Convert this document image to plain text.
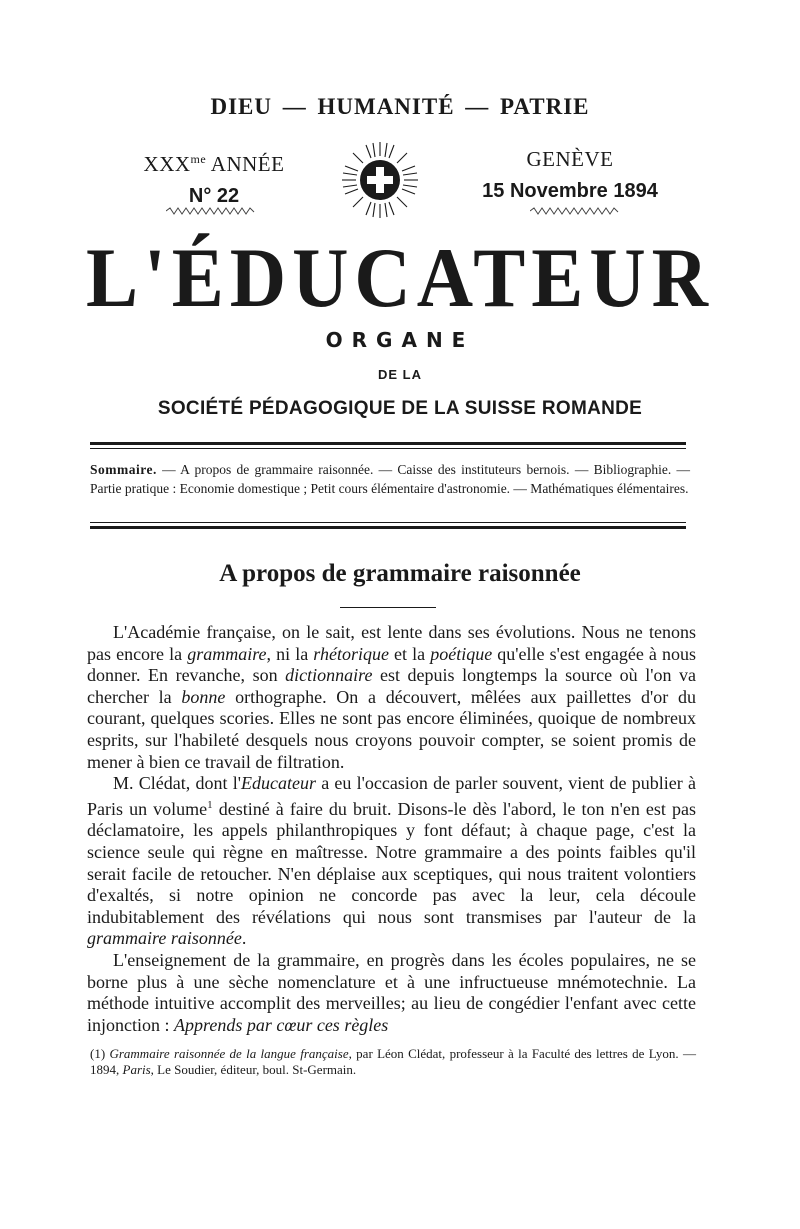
DIEU — HUMANITÉ — PATRIE
$XXX^{me}$ ANNÉE
N° 22
GENÈVE
15 Novembre 1894
L'ÉDUCATEUR
ORGANE
DE LA
SOCIÉTÉ PÉDAGOGIQUE DE LA SUISSE ROMANDE
Sommaire. — A propos de grammaire raisonnée. — Caisse des instituteurs bernois. — Bibliographie. — Partie pratique : Economie domestique ; Petit cours élémentaire d'astronomie. — Mathématiques élémentaires.
A propos de grammaire raisonnée

L'Académie française, on le sait, est lente dans ses évolutions. Nous ne tenons pas encore la grammaire, ni la rhétorique et la poétique qu'elle s'est engagée à nous donner. En revanche, son dictionnaire est depuis longtemps la source où l'on va chercher la bonne orthographe. On a découvert, mêlées aux paillettes d'or du courant, quelques scories. Elles ne sont pas encore éliminées, quoique de nombreux esprits, sur l'habileté desquels nous croyons pouvoir compter, se soient promis de mener à bien ce travail de filtration.

M. Clédat, dont l'Educateur a eu l'occasion de parler souvent, vient de publier à Paris un volume$^1$ destiné à faire du bruit. Disons-le dès l'abord, le ton n'en est pas déclamatoire, les appels philanthropiques y font défaut; à chaque page, c'est la science seule qui règne en maîtresse. Notre grammaire a des points faibles qu'il serait facile de retoucher. N'en déplaise aux sceptiques, qui nous traitent volontiers d'exaltés, si notre opinion ne concorde pas avec la leur, cela découle indubitablement des révélations qui nous sont transmises par l'auteur de la grammaire raisonnée.

L'enseignement de la grammaire, en progrès dans les écoles populaires, ne se borne plus à une sèche nomenclature et à une infructueuse mnémotechnie. La méthode intuitive accomplit des merveilles; au lieu de congédier l'enfant avec cette injonction : Apprends par cœur ces règles

(1) Grammaire raisonnée de la langue française, par Léon Clédat, professeur à la Faculté des lettres de Lyon. — 1894, Paris, Le Soudier, éditeur, boul. St-Germain.
